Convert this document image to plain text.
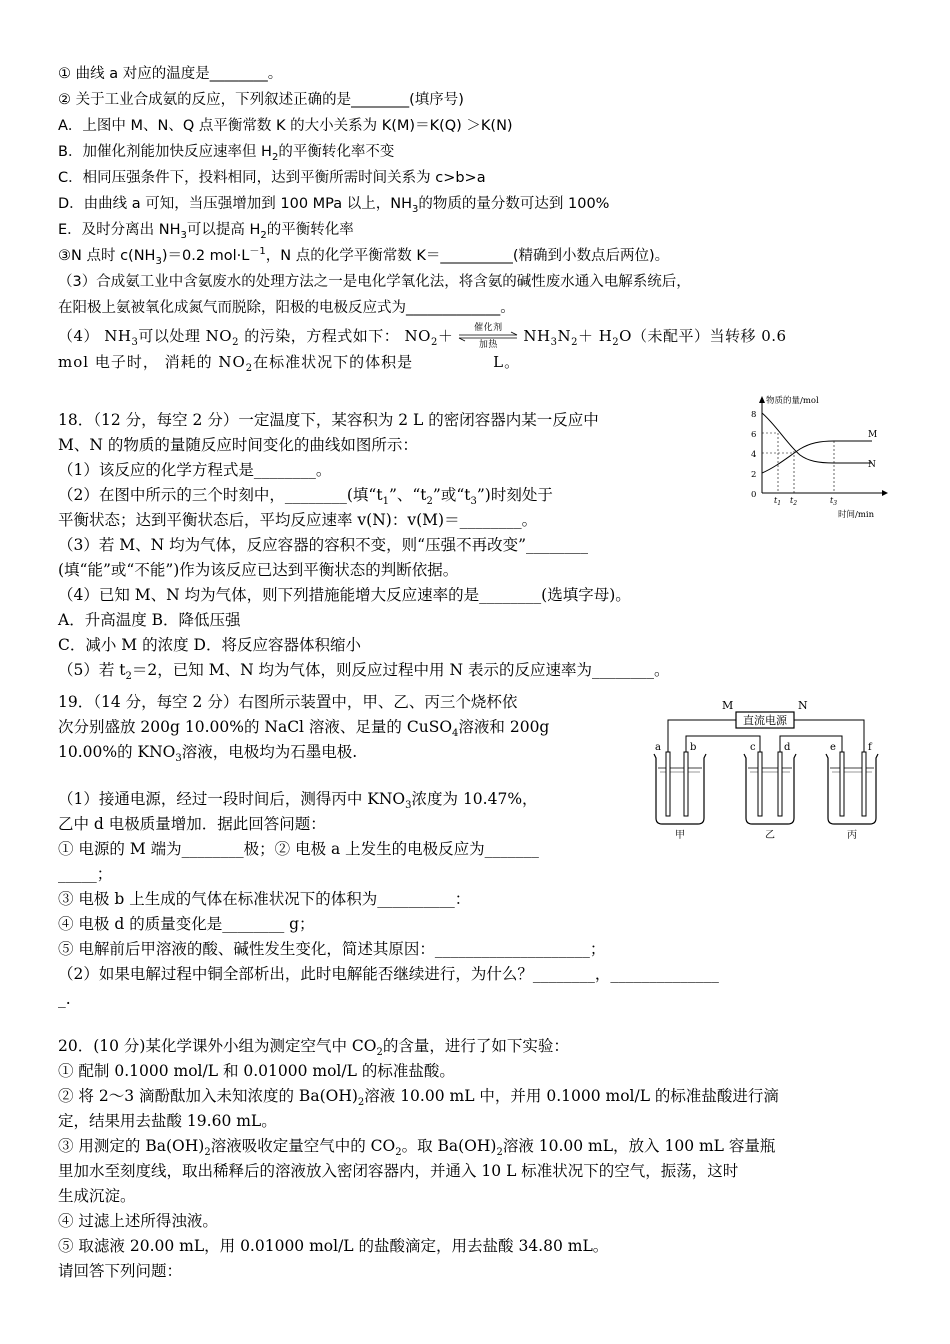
① 曲线 a 对应的温度是________。
② 关于工业合成氨的反应，下列叙述正确的是________(填序号)
A．上图中 M、N、Q 点平衡常数 K 的大小关系为 K(M)＝K(Q) ＞K(N)
B．加催化剂能加快反应速率但 $H_2$的平衡转化率不变
C．相同压强条件下，投料相同，达到平衡所需时间关系为 c>b>a
D．由曲线 a 可知，当压强增加到 100 MPa 以上，$NH_3$的物质的量分数可达到 100%
E．及时分离出 $NH_3$可以提高 $H_2$的平衡转化率
③N 点时 $c(NH_3)=0.2$ $mol\cdot L^{-1}$，N 点的化学平衡常数 K＝__________(精确到小数点后两位)。
（3）合成氨工业中含氨废水的处理方法之一是电化学氧化法，将含氨的碱性废水通入电解系统后，
在阳极上氨被氧化成氮气而脱除，阳极的电极反应式为_____________。
（4） $NH_3$可以处理 $NO_2$ 的污染，方程式如下： $NO_2+$	催化剂
加热	$NH_3N_2+ H_2O$（未配平）当转移 0.6
mol 电子时， 消耗的 $NO_2$在标准状况下的体积是	L。
18．（12 分，每空 2 分）一定温度下，某容积为 2 L 的密闭容器内某一反应中
M、N 的物质的量随反应时间变化的曲线如图所示：
（1）该反应的化学方程式是________。
（2）在图中所示的三个时刻中，________(填“$t_1$”、“$t_2$”或“$t_3$”)时刻处于
平衡状态；达到平衡状态后，平均反应速率 v(N)：v(M)＝________。
（3）若 M、N 均为气体，反应容器的容积不变，则“压强不再改变”________
(填“能”或“不能”)作为该反应已达到平衡状态的判断依据。
（4）已知 M、N 均为气体，则下列措施能增大反应速率的是________(选填字母)。
A．升高温度 B．降低压强
C．减小 M 的浓度 D．将反应容器体积缩小
（5）若 $t_2=2$，已知 M、N 均为气体，则反应过程中用 N 表示的反应速率为________。
19．（14 分，每空 2 分）右图所示装置中，甲、乙、丙三个烧杯依
次分别盛放 200g 10.00%的 NaCl 溶液、足量的 CuSO$_4$溶液和 200g
10.00%的 $KNO_3$溶液，电极均为石墨电极.
（1）接通电源，经过一段时间后，测得丙中 $KNO_3$浓度为 10.47%，
乙中 d 电极质量增加．据此回答问题：
① 电源的 M 端为________极；② 电极 a 上发生的电极反应为_______
_____；
③ 电极 b 上生成的气体在标准状况下的体积为__________：
④ 电极 d 的质量变化是________ g；
⑤ 电解前后甲溶液的酸、碱性发生变化，简述其原因：____________________；
（2）如果电解过程中铜全部析出，此时电解能否继续进行，为什么？________，______________
_.
20．(10 分)某化学课外小组为测定空气中 $CO_2$的含量，进行了如下实验：
① 配制 0.1000 mol/L 和 0.01000 mol/L 的标准盐酸。
② 将 2～3 滴酚酞加入未知浓度的 $Ba(OH)_2$溶液 10.00 mL 中，并用 0.1000 mol/L 的标准盐酸进行滴
定，结果用去盐酸 19.60 mL。
③ 用测定的 $Ba(OH)_2$溶液吸收定量空气中的 $CO_2$。取 $Ba(OH)_2$溶液 10.00 mL，放入 100 mL 容量瓶
里加水至刻度线，取出稀释后的溶液放入密闭容器内，并通入 10 L 标准状况下的空气，振荡，这时
生成沉淀。
④ 过滤上述所得浊液。
⑤ 取滤液 20.00 mL，用 0.01000 mol/L 的盐酸滴定，用去盐酸 34.80 mL。
请回答下列问题：
物质的量/mol
时间/min
8
6
4
2
0
M
N
$t_1$ $t_2$	$t_3$
直流电源
M	N
a	b	c	d	e	f
甲	乙	丙
